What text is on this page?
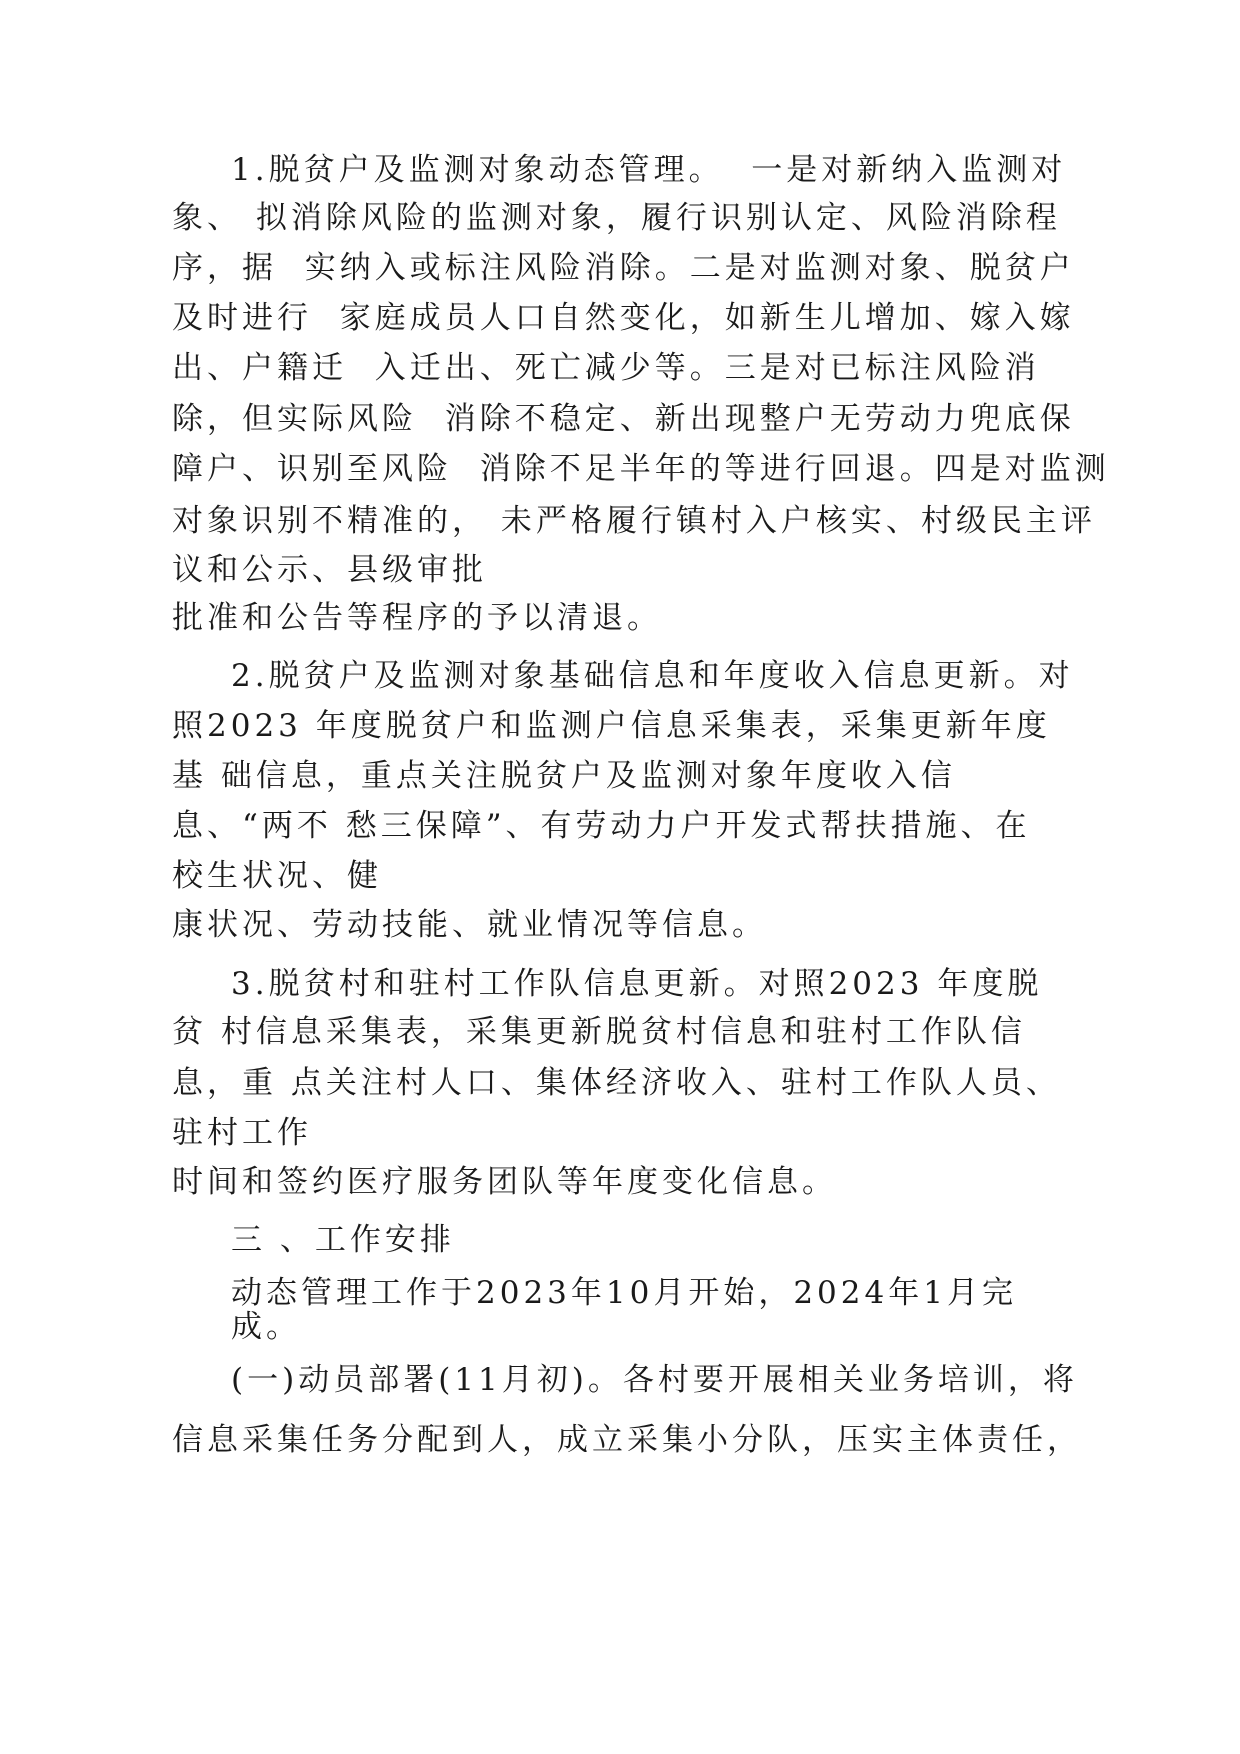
1.脱贫户及监测对象动态管理。  一是对新纳入监测对

象、 拟消除风险的监测对象，履行识别认定、风险消除程

序，据  实纳入或标注风险消除。二是对监测对象、脱贫户

及时进行  家庭成员人口自然变化，如新生儿增加、嫁入嫁

出、户籍迁  入迁出、死亡减少等。三是对已标注风险消

除，但实际风险  消除不稳定、新出现整户无劳动力兜底保

障户、识别至风险  消除不足半年的等进行回退。四是对监测

对象识别不精准的， 未严格履行镇村入户核实、村级民主评

议和公示、县级审批

批准和公告等程序的予以清退。

2.脱贫户及监测对象基础信息和年度收入信息更新。对

照2023 年度脱贫户和监测户信息采集表，采集更新年度

基 础信息，重点关注脱贫户及监测对象年度收入信

息、“两不 愁三保障”、有劳动力户开发式帮扶措施、在

校生状况、健

康状况、劳动技能、就业情况等信息。

3.脱贫村和驻村工作队信息更新。对照2023 年度脱

贫 村信息采集表，采集更新脱贫村信息和驻村工作队信

息，重 点关注村人口、集体经济收入、驻村工作队人员、

驻村工作

时间和签约医疗服务团队等年度变化信息。

三 、工作安排

动态管理工作于2023年10月开始，2024年1月完

成。

(一)动员部署(11月初)。各村要开展相关业务培训，将

信息采集任务分配到人，成立采集小分队，压实主体责任，
